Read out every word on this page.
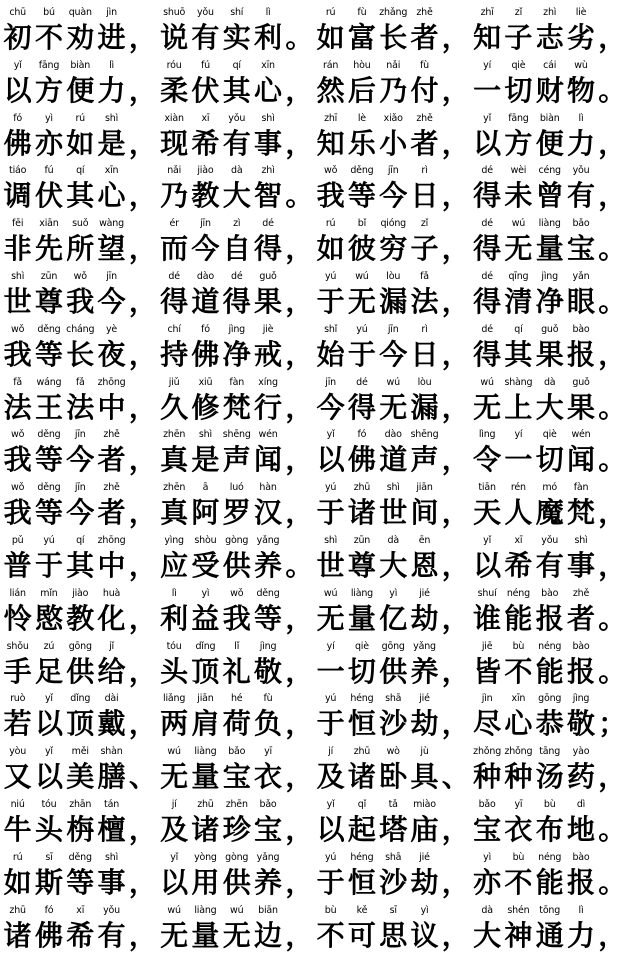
chū
初
bú
不
quàn
劝
jìn
进 ，
shuō
说
yǒu
有
shí
实
lì
利 。
rú
如
fù
富
zhǎng
长
zhě
者 ，
zhī
知
zǐ
子
zhì
志
liè
劣 ，
yǐ
以
fāng
方
biàn
便
lì
力 ，
róu
柔
fú
伏
qí
其
xīn
心 ，
rán
然
hòu
后
nǎi
乃
fù
付 ，
yí
一
qiè
切
cái
财
wù
物 。
fó
佛
yì
亦
rú
如
shì
是 ，
xiàn
现
xī
希
yǒu
有
shì
事 ，
zhī
知
lè
乐
xiǎo
小
zhě
者 ，
yǐ
以
fāng
方
biàn
便
lì
力 ，
tiáo
调
fú
伏
qí
其
xīn
心 ，
nǎi
乃
jiào
教
dà
大
zhì
智 。
wǒ
我
děng
等
jīn
今
rì
日 ，
dé
得
wèi
未
céng
曾
yǒu
有 ，
fēi
非
xiān
先
suǒ
所
wàng
望 ，
ér
而
jīn
今
zì
自
dé
得 ，
rú
如
bǐ
彼
qióng
穷
zǐ
子 ，
dé
得
wú
无
liàng
量
bǎo
宝 。
shì
世
zūn
尊
wǒ
我
jīn
今 ，
dé
得
dào
道
dé
得
guǒ
果 ，
yú
于
wú
无
lòu
漏
fǎ
法 ，
dé
得
qīng
清
jìng
净
yǎn
眼 。
wǒ
我
děng
等
cháng
长
yè
夜 ，
chí
持
fó
佛
jìng
净
jiè
戒 ，
shǐ
始
yú
于
jīn
今
rì
日 ，
dé
得
qí
其
guǒ
果
bào
报 ，
fǎ
法
wáng
王
fǎ
法
zhōng
中 ，
jiǔ
久
xiū
修
fàn
梵
xíng
行 ，
jīn
今
dé
得
wú
无
lòu
漏 ，
wú
无
shàng
上
dà
大
guǒ
果 。
wǒ
我
děng
等
jīn
今
zhě
者 ，
zhēn
真
shì
是
shēng
声
wén
闻 ，
yǐ
以
fó
佛
dào
道
shēng
声 ，
lìng
令
yí
一
qiè
切
wén
闻 。
wǒ
我
děng
等
jīn
今
zhě
者 ，
zhēn
真
ā
阿
luó
罗
hàn
汉 ，
yú
于
zhū
诸
shì
世
jiān
间 ，
tiān
天
rén
人
mó
魔
fàn
梵 ，
pǔ
普
yú
于
qí
其
zhōng
中 ，
yìng
应
shòu
受
gòng
供
yǎng
养 。
shì
世
zūn
尊
dà
大
ēn
恩 ，
yǐ
以
xī
希
yǒu
有
shì
事 ，
lián
怜
mǐn
愍
jiào
教
huà
化 ，
lì
利
yì
益
wǒ
我
děng
等 ，
wú
无
liàng
量
yì
亿
jié
劫 ，
shuí
谁
néng
能
bào
报
zhě
者 。
shǒu
手
zú
足
gōng
供
jǐ
给 ，
tóu
头
dǐng
顶
lǐ
礼
jìng
敬 ，
yí
一
qiè
切
gōng
供
yǎng
养 ，
jiē
皆
bù
不
néng
能
bào
报 。
ruò
若
yǐ
以
dǐng
顶
dài
戴 ，
liǎng
两
jiān
肩
hé
荷
fù
负 ，
yú
于
héng
恒
shā
沙
jié
劫 ，
jìn
尽
xīn
心
gōng
恭
jìng
敬 ；
yòu
又
yǐ
以
měi
美
shàn
膳 、
wú
无
liàng
量
bǎo
宝
yī
衣 ，
jí
及
zhū
诸
wò
卧
jù
具 、
zhǒng
种
zhǒng
种
tāng
汤
yào
药 ，
niú
牛
tóu
头
zhān
栴
tán
檀 ，
jí
及
zhū
诸
zhēn
珍
bǎo
宝 ，
yǐ
以
qǐ
起
tǎ
塔
miào
庙 ，
bǎo
宝
yī
衣
bù
布
dì
地 。
rú
如
sī
斯
děng
等
shì
事 ，
yǐ
以
yòng
用
gòng
供
yǎng
养 ，
yú
于
héng
恒
shā
沙
jié
劫 ，
yì
亦
bù
不
néng
能
bào
报 。
zhū
诸
fó
佛
xī
希
yǒu
有 ，
wú
无
liàng
量
wú
无
biān
边 ，
bù
不
kě
可
sī
思
yì
议 ，
dà
大
shén
神
tōng
通
lì
力 ，
